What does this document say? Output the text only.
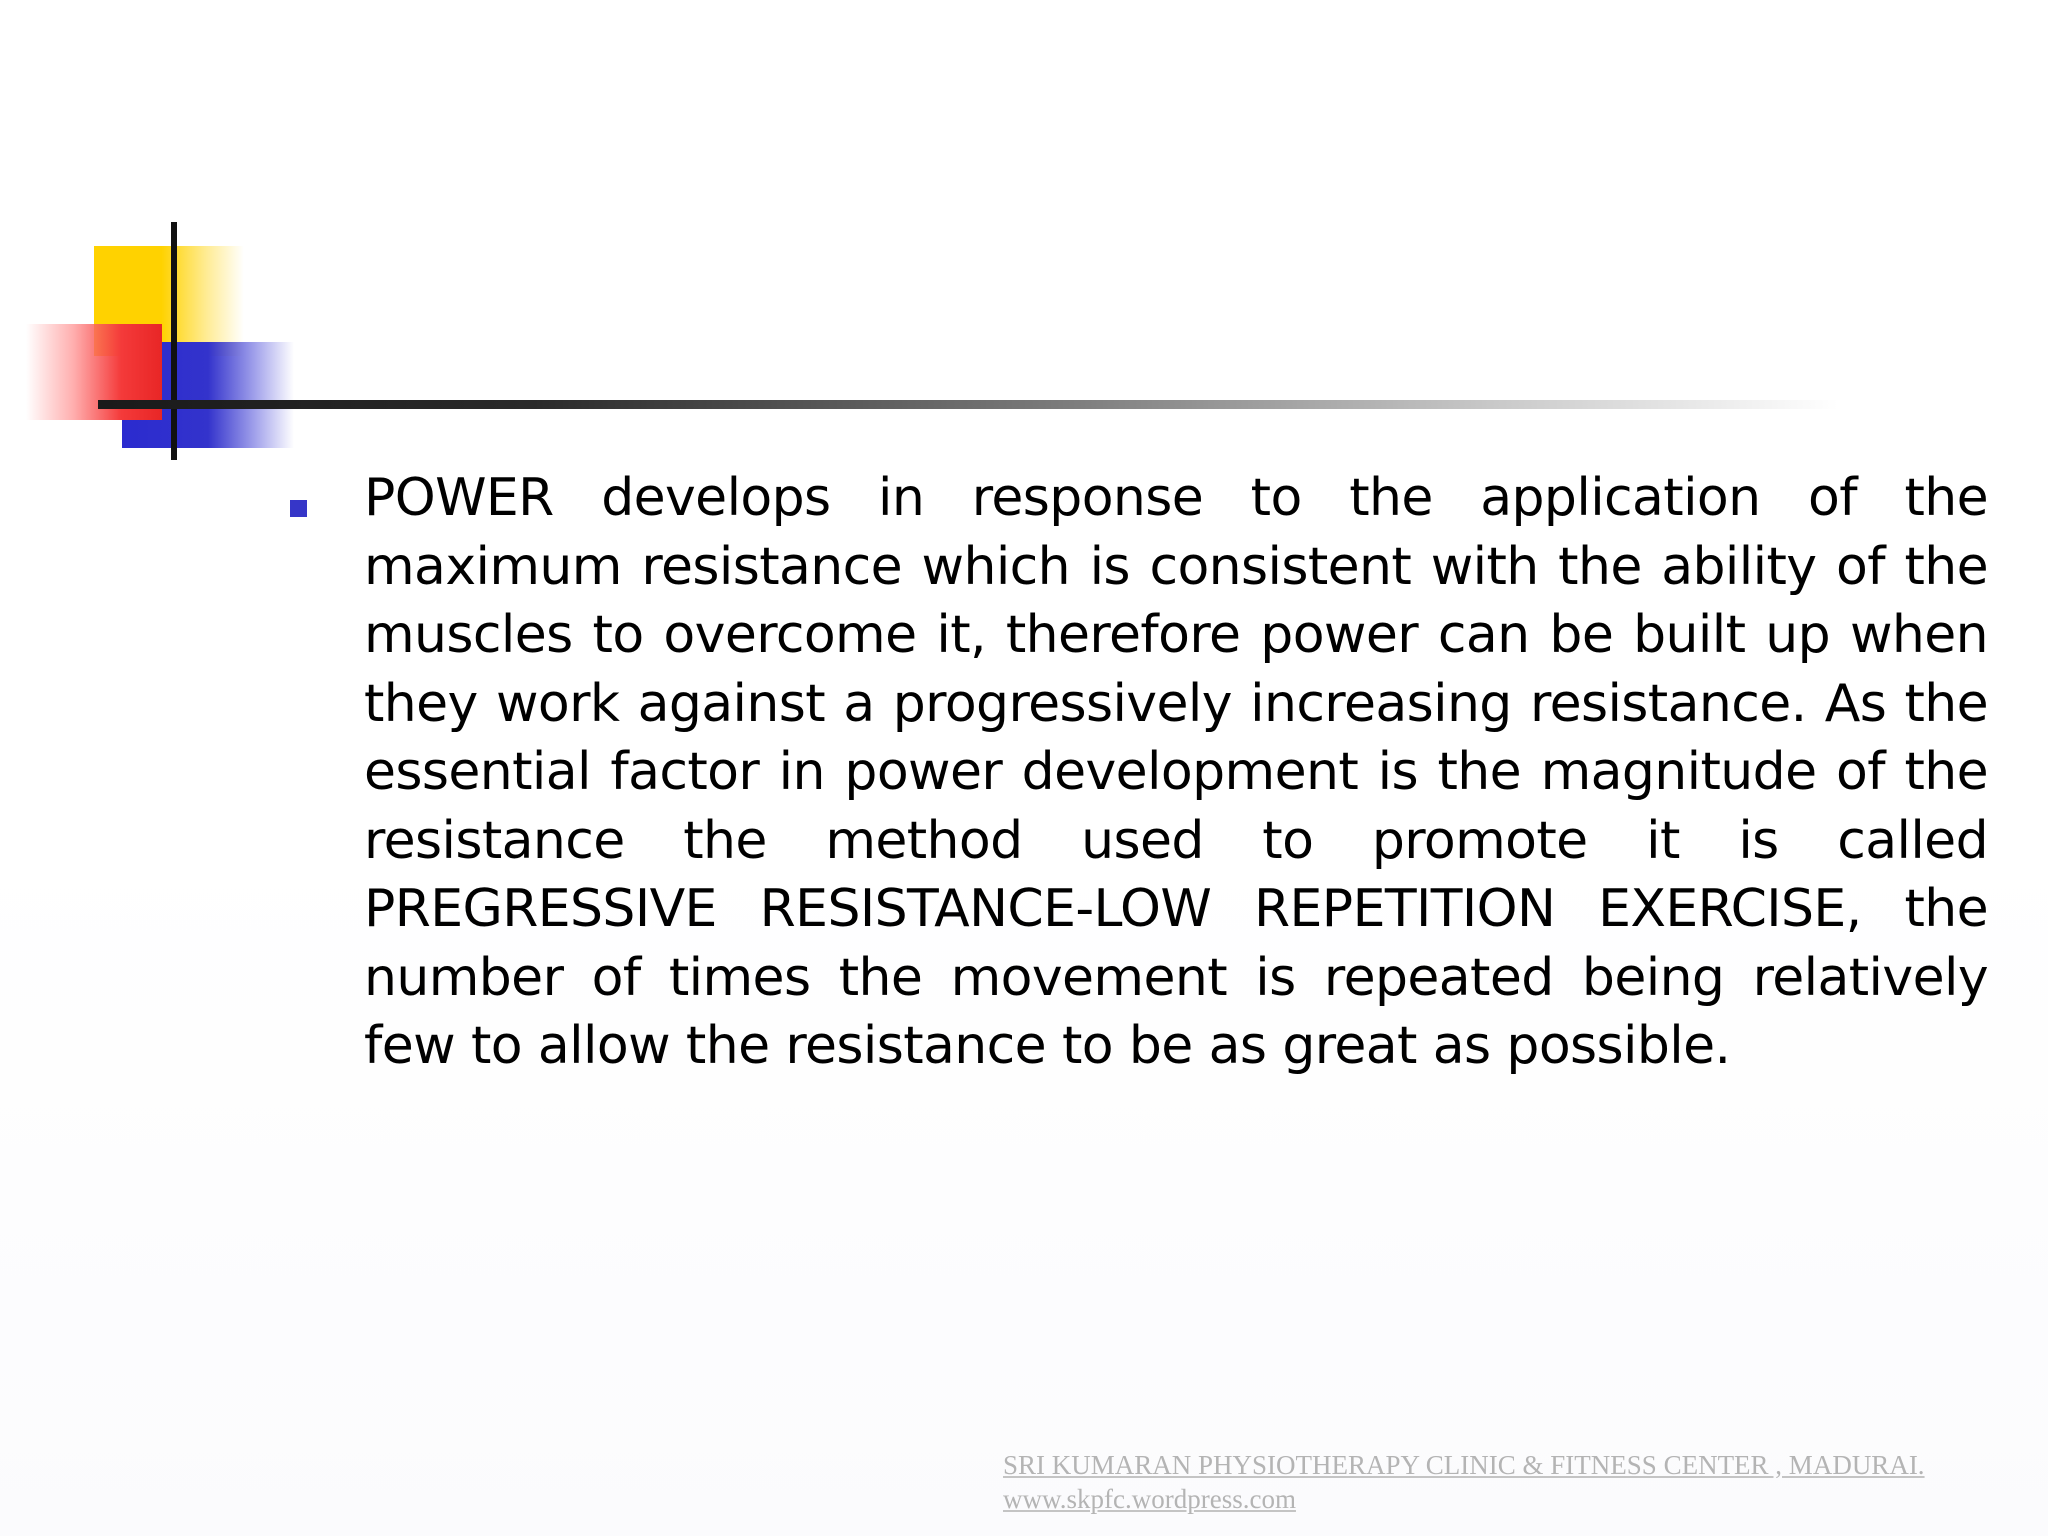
POWER develops in response to the application of the maximum resistance which is consistent with the ability of the muscles to overcome it, therefore power can be built up when they work against a progressively increasing resistance. As the essential factor in power development is the magnitude of the resistance the method used to promote it is called PREGRESSIVE RESISTANCE-LOW REPETITION EXERCISE, the number of times the movement is repeated being relatively few to allow the resistance to be as great as possible.

SRI KUMARAN PHYSIOTHERAPY CLINIC & FITNESS CENTER , MADURAI.
www.skpfc.wordpress.com
